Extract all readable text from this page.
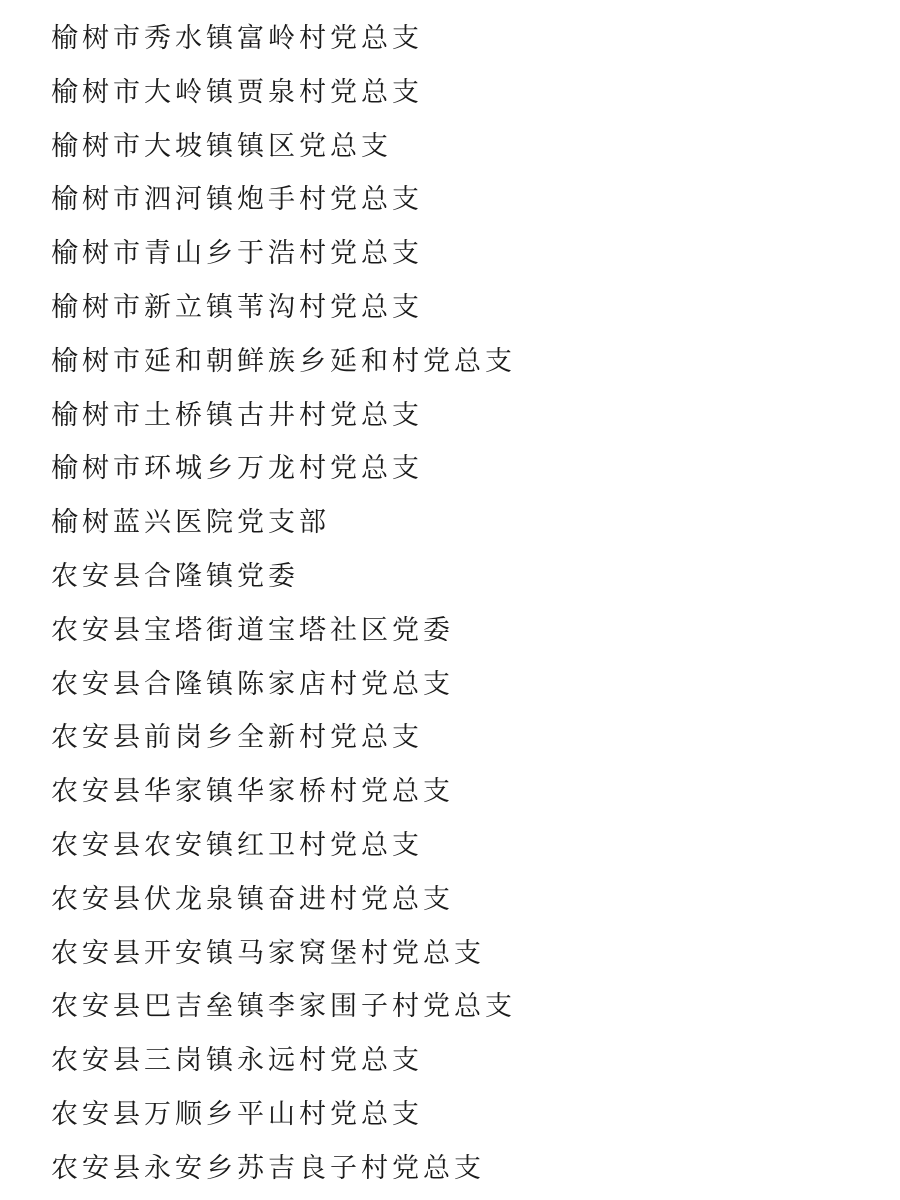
榆树市秀水镇富岭村党总支
榆树市大岭镇贾泉村党总支
榆树市大坡镇镇区党总支
榆树市泗河镇炮手村党总支
榆树市青山乡于浩村党总支
榆树市新立镇苇沟村党总支
榆树市延和朝鲜族乡延和村党总支
榆树市土桥镇古井村党总支
榆树市环城乡万龙村党总支
榆树蓝兴医院党支部
农安县合隆镇党委
农安县宝塔街道宝塔社区党委
农安县合隆镇陈家店村党总支
农安县前岗乡全新村党总支
农安县华家镇华家桥村党总支
农安县农安镇红卫村党总支
农安县伏龙泉镇奋进村党总支
农安县开安镇马家窝堡村党总支
农安县巴吉垒镇李家围子村党总支
农安县三岗镇永远村党总支
农安县万顺乡平山村党总支
农安县永安乡苏吉良子村党总支
